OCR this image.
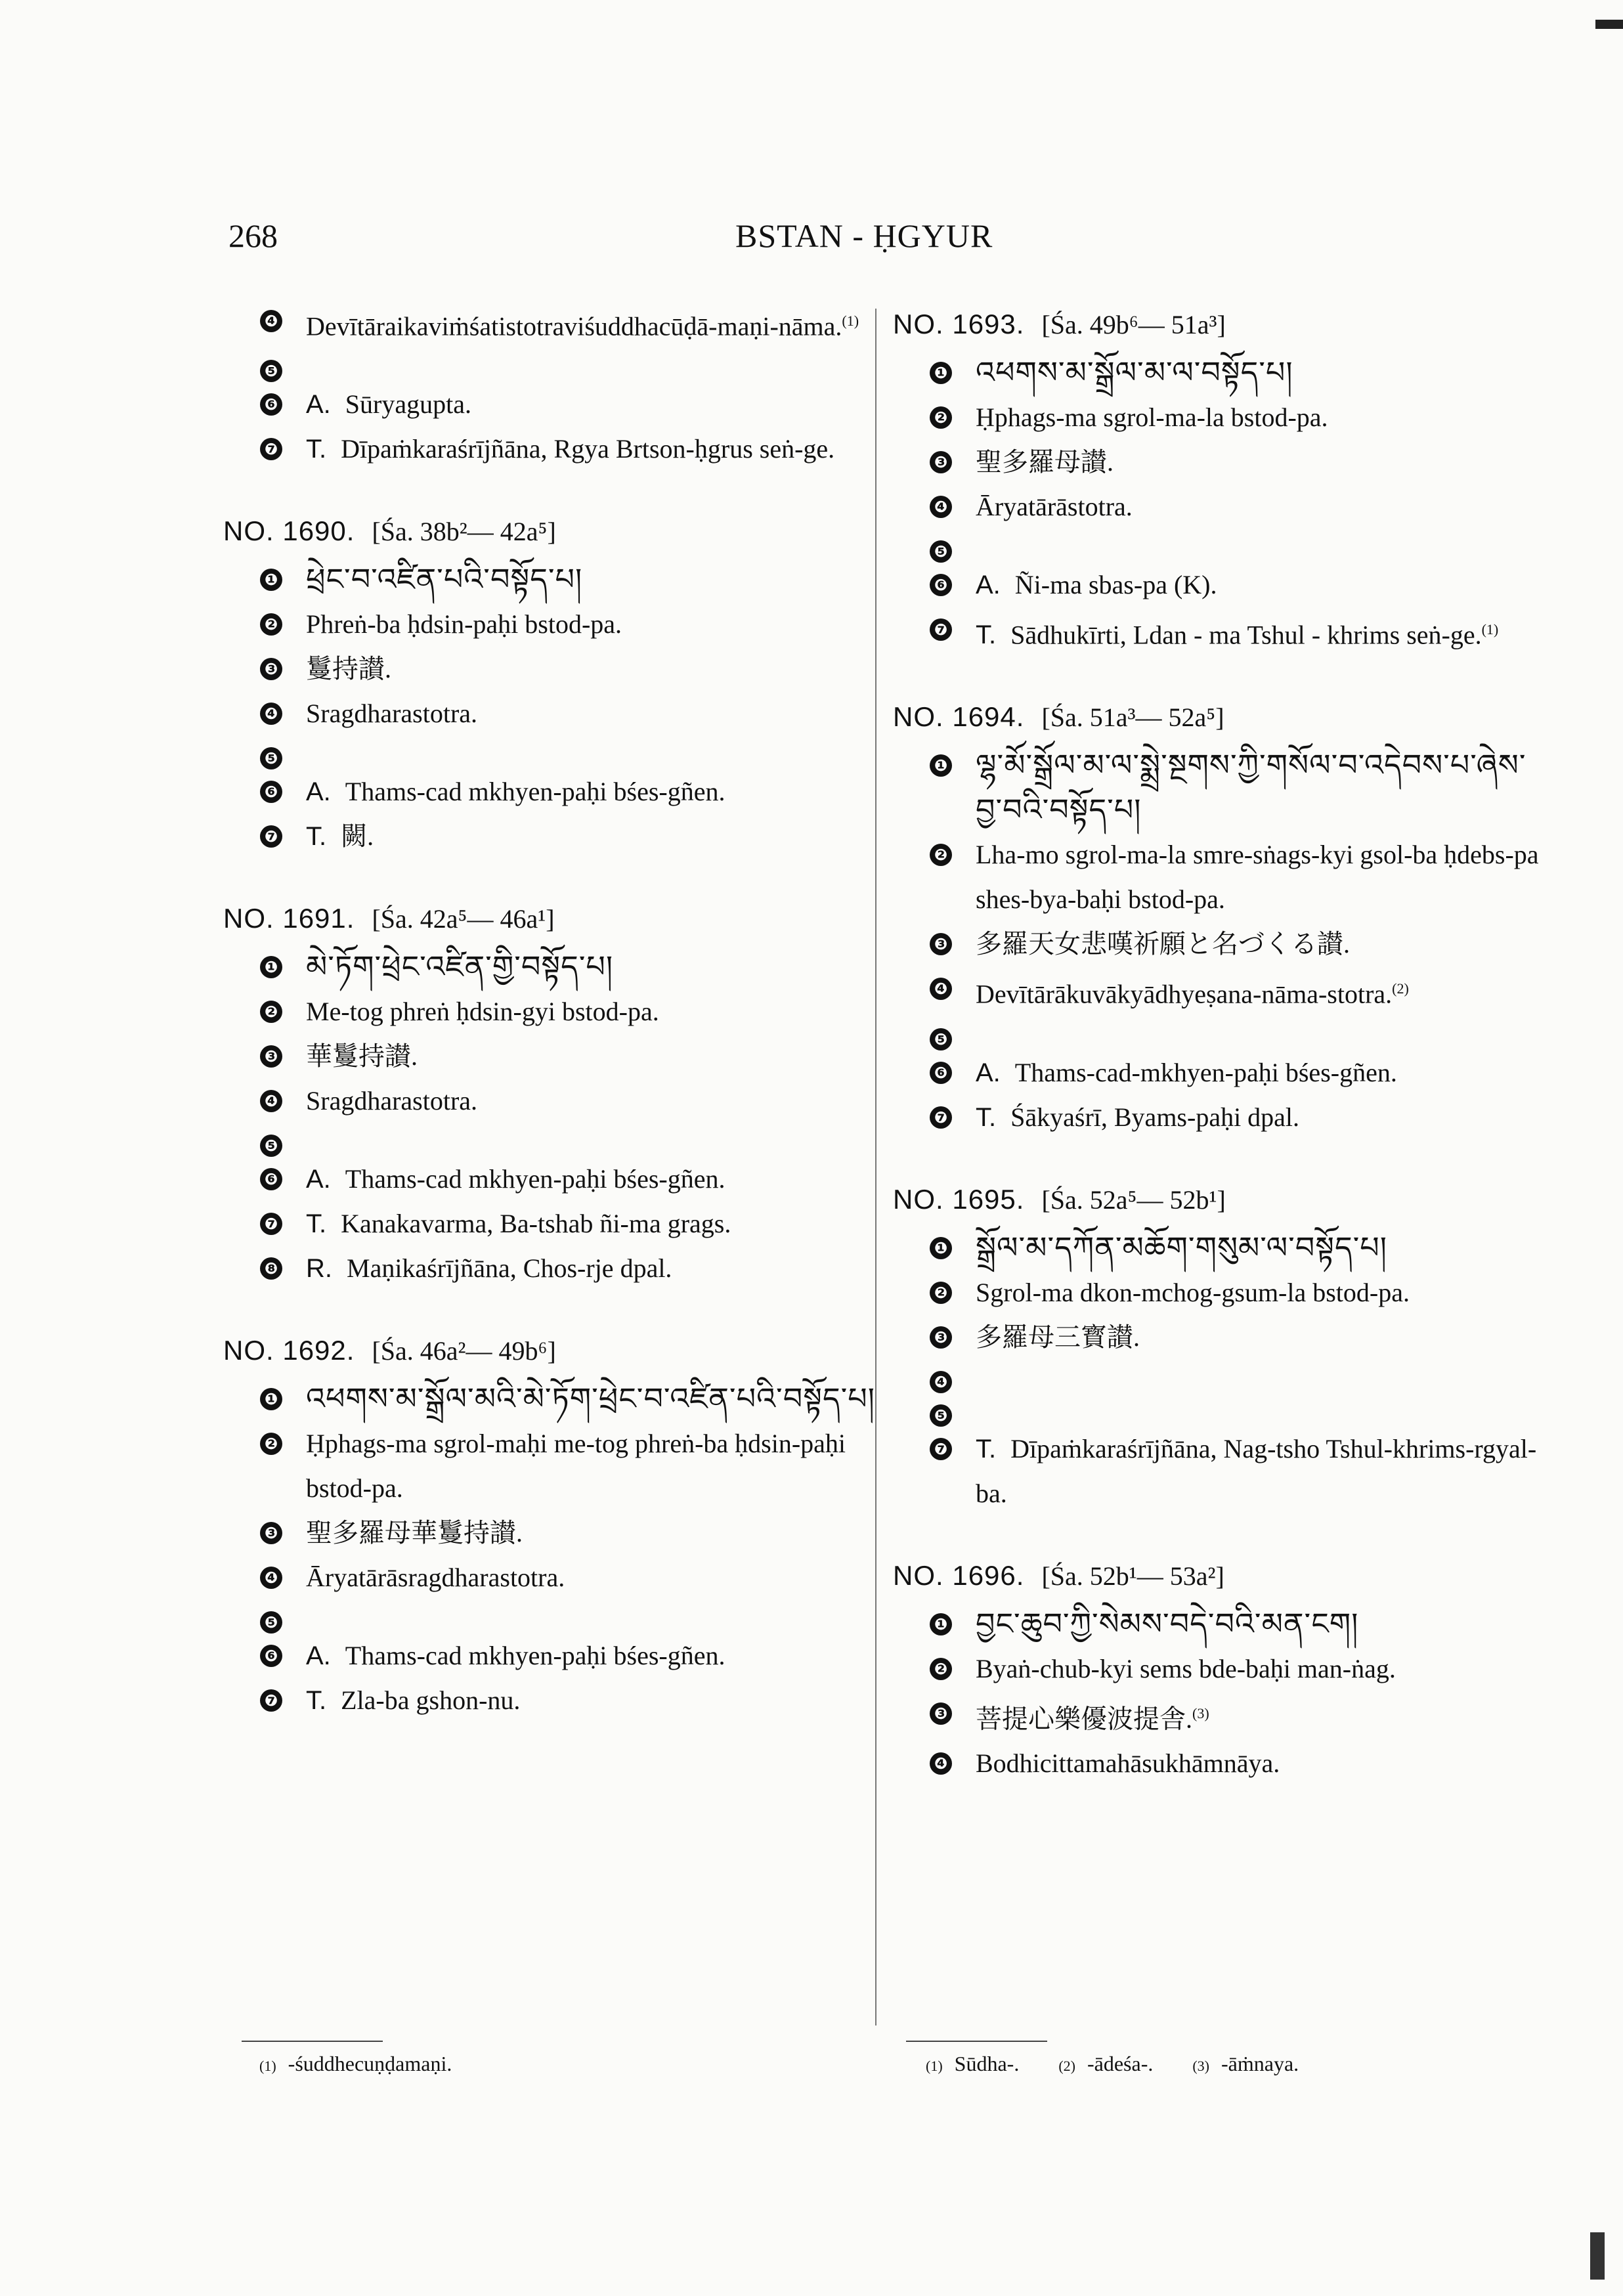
268	BSTAN - ḤGYUR
❹ Devītāraikaviṁśatistotraviśuddhacūḍā-maṇi-nāma.$^{(1)}$
❺
❻ A. Sūryagupta.
❼ T. Dīpaṁkaraśrījñāna, Rgya Brtson-ḥgrus seṅ-ge.
NO. 1690. [Śa. 38b²— 42a⁵]
❶ ཕྲེང་བ་འཛིན་པའི་བསྟོད་པ།
❷ Phreṅ-ba ḥdsin-paḥi bstod-pa.
❸ 鬘持讃.
❹ Sragdharastotra.
❺
❻ A. Thams-cad mkhyen-paḥi bśes-gñen.
❼ T. 闕.
NO. 1691. [Śa. 42a⁵— 46a¹]
❶ མེ་ཏོག་ཕྲེང་འཛིན་གྱི་བསྟོད་པ།
❷ Me-tog phreṅ ḥdsin-gyi bstod-pa.
❸ 華鬘持讃.
❹ Sragdharastotra.
❺
❻ A. Thams-cad mkhyen-paḥi bśes-gñen.
❼ T. Kanakavarma, Ba-tshab ñi-ma grags.
❽ R. Maṇikaśrījñāna, Chos-rje dpal.
NO. 1692. [Śa. 46a²— 49b⁶]
❶ འཕགས་མ་སྒྲོལ་མའི་མེ་ཏོག་ཕྲེང་བ་འཛིན་པའི་བསྟོད་པ།
❷ Ḥphags-ma sgrol-maḥi me-tog phreṅ-ba ḥdsin-paḥi bstod-pa.
❸ 聖多羅母華鬘持讃.
❹ Āryatārāsragdharastotra.
❺
❻ A. Thams-cad mkhyen-paḥi bśes-gñen.
❼ T. Zla-ba gshon-nu.
NO. 1693. [Śa. 49b⁶— 51a³]
❶ འཕགས་མ་སྒྲོལ་མ་ལ་བསྟོད་པ།
❷ Ḥphags-ma sgrol-ma-la bstod-pa.
❸ 聖多羅母讃.
❹ Āryatārāstotra.
❺
❻ A. Ñi-ma sbas-pa (K).
❼ T. Sādhukīrti, Ldan - ma Tshul - khrims seṅ-ge.$^{(1)}$
NO. 1694. [Śa. 51a³— 52a⁵]
❶ ལྷ་མོ་སྒྲོལ་མ་ལ་སྨྲེ་སྔགས་ཀྱི་གསོལ་བ་འདེབས་པ་ཞེས་བྱ་བའི་བསྟོད་པ།
❷ Lha-mo sgrol-ma-la smre-sṅags-kyi gsol-ba ḥdebs-pa shes-bya-baḥi bstod-pa.
❸ 多羅天女悲嘆祈願と名づくる讃.
❹ Devītārākuvākyādhyeṣana-nāma-stotra.$^{(2)}$
❺
❻ A. Thams-cad-mkhyen-paḥi bśes-gñen.
❼ T. Śākyaśrī, Byams-paḥi dpal.
NO. 1695. [Śa. 52a⁵— 52b¹]
❶ སྒྲོལ་མ་དཀོན་མཆོག་གསུམ་ལ་བསྟོད་པ།
❷ Sgrol-ma dkon-mchog-gsum-la bstod-pa.
❸ 多羅母三寳讃.
❹
❺
❼ T. Dīpaṁkaraśrījñāna, Nag-tsho Tshul-khrims-rgyal-ba.
NO. 1696. [Śa. 52b¹— 53a²]
❶ བྱང་ཆུབ་ཀྱི་སེམས་བདེ་བའི་མན་ངག།
❷ Byaṅ-chub-kyi sems bde-baḥi man-ṅag.
❸ 菩提心樂優波提舎.$^{(3)}$
❹ Bodhicittamahāsukhāmnāya.
(1) -śuddhecuṇḍamaṇi.	(1) Sūdha-.	(2) -ādeśa-.	(3) -āṁnaya.
